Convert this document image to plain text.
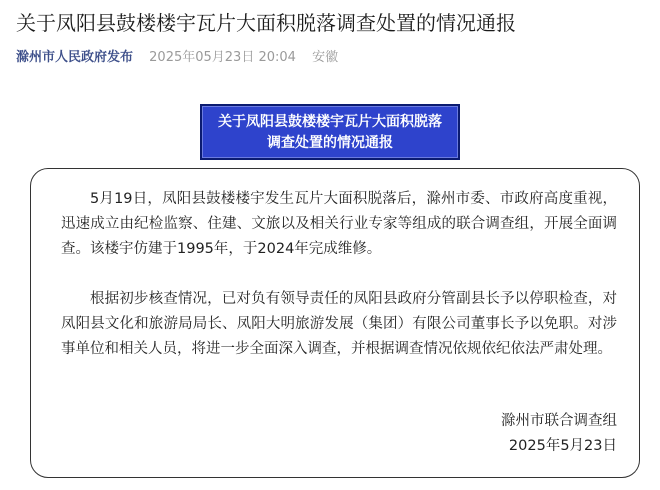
关于凤阳县鼓楼楼宇瓦片大面积脱落调查处置的情况通报
滁州市人民政府发布 2025年05月23日 20:04 安徽
关于凤阳县鼓楼楼宇瓦片大面积脱落
调查处置的情况通报

5月19日，凤阳县鼓楼楼宇发生瓦片大面积脱落后，滁州市委、市政府高度重视，迅速成立由纪检监察、住建、文旅以及相关行业专家等组成的联合调查组，开展全面调查。该楼宇仿建于1995年，于2024年完成维修。

根据初步核查情况，已对负有领导责任的凤阳县政府分管副县长予以停职检查，对凤阳县文化和旅游局局长、凤阳大明旅游发展（集团）有限公司董事长予以免职。对涉事单位和相关人员，将进一步全面深入调查，并根据调查情况依规依纪依法严肃处理。

滁州市联合调查组
2025年5月23日
